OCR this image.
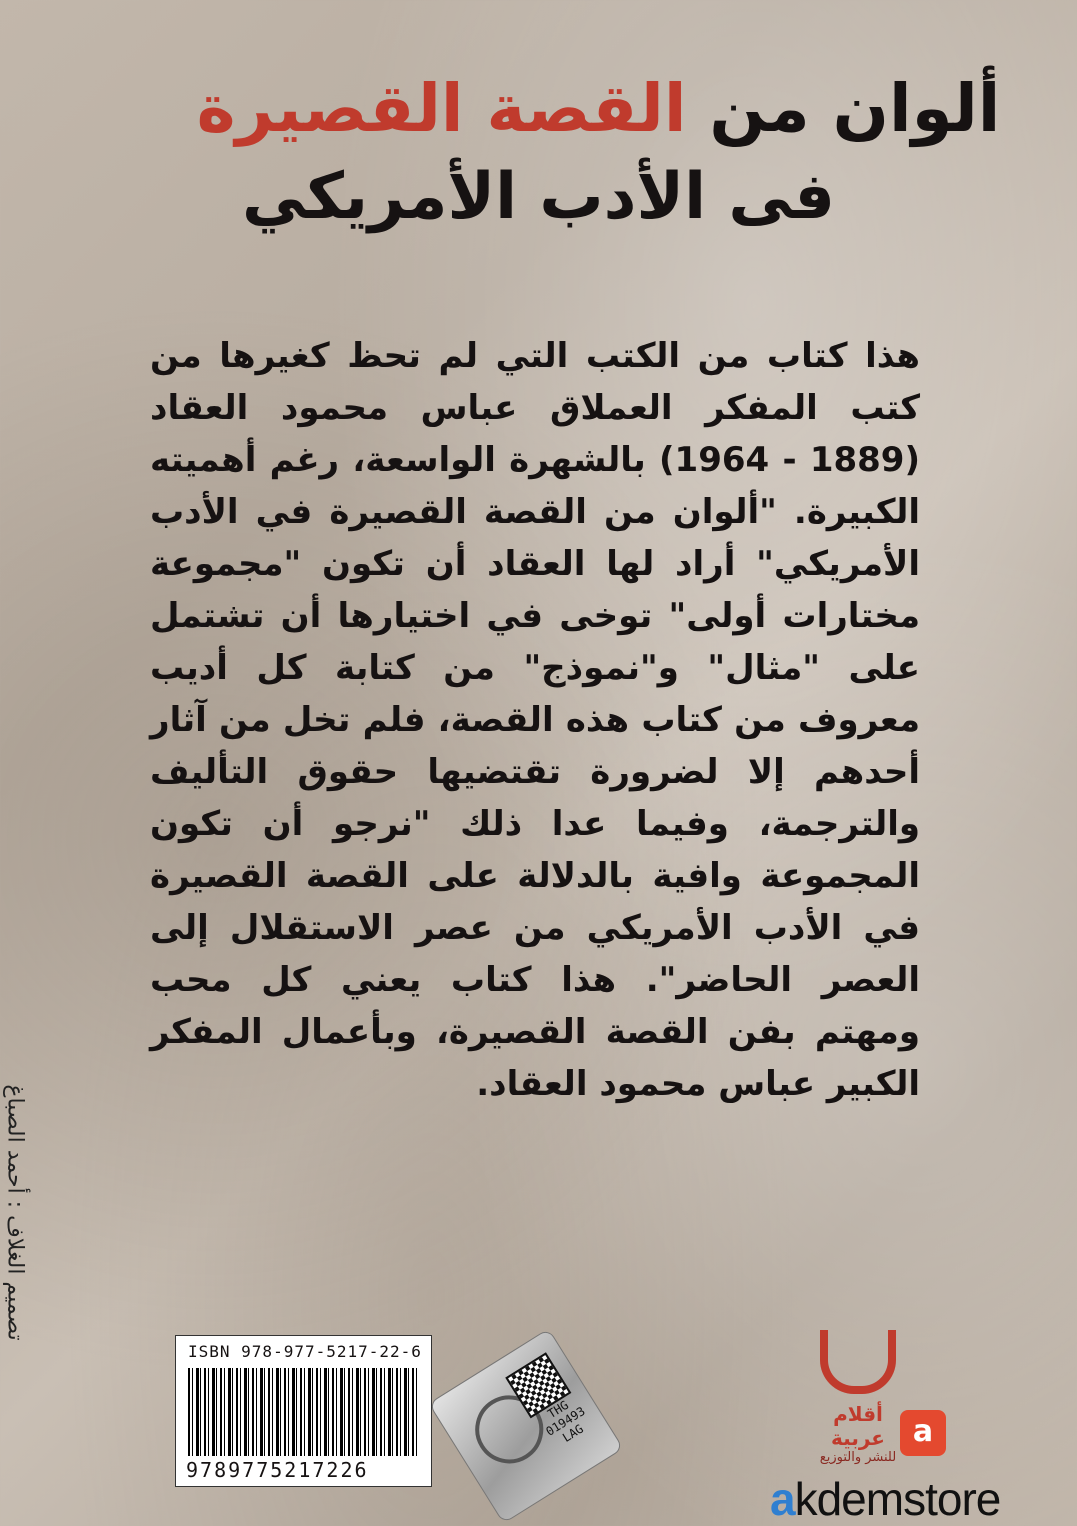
ألوان من القصة القصيرة
فى الأدب الأمريكي
هذا كتاب من الكتب التي لم تحظ كغيرها من كتب المفكر العملاق عباس محمود العقاد (1889 - 1964) بالشهرة الواسعة، رغم أهميته الكبيرة. "ألوان من القصة القصيرة في الأدب الأمريكي" أراد لها العقاد أن تكون "مجموعة مختارات أولى" توخى في اختيارها أن تشتمل على "مثال" و"نموذج" من كتابة كل أديب معروف من كتاب هذه القصة، فلم تخل من آثار أحدهم إلا لضرورة تقتضيها حقوق التأليف والترجمة، وفيما عدا ذلك "نرجو أن تكون المجموعة وافية بالدلالة على القصة القصيرة في الأدب الأمريكي من عصر الاستقلال إلى العصر الحاضر". هذا كتاب يعني كل محب ومهتم بفن القصة القصيرة، وبأعمال المفكر الكبير عباس محمود العقاد.
تصميم الغلاف : أحمد الصباغ
ISBN 978-977-5217-22-6
9789775217226
THG 019493 LAG
أقلام عربية
للنشر والتوزيع
a
akdemstore
